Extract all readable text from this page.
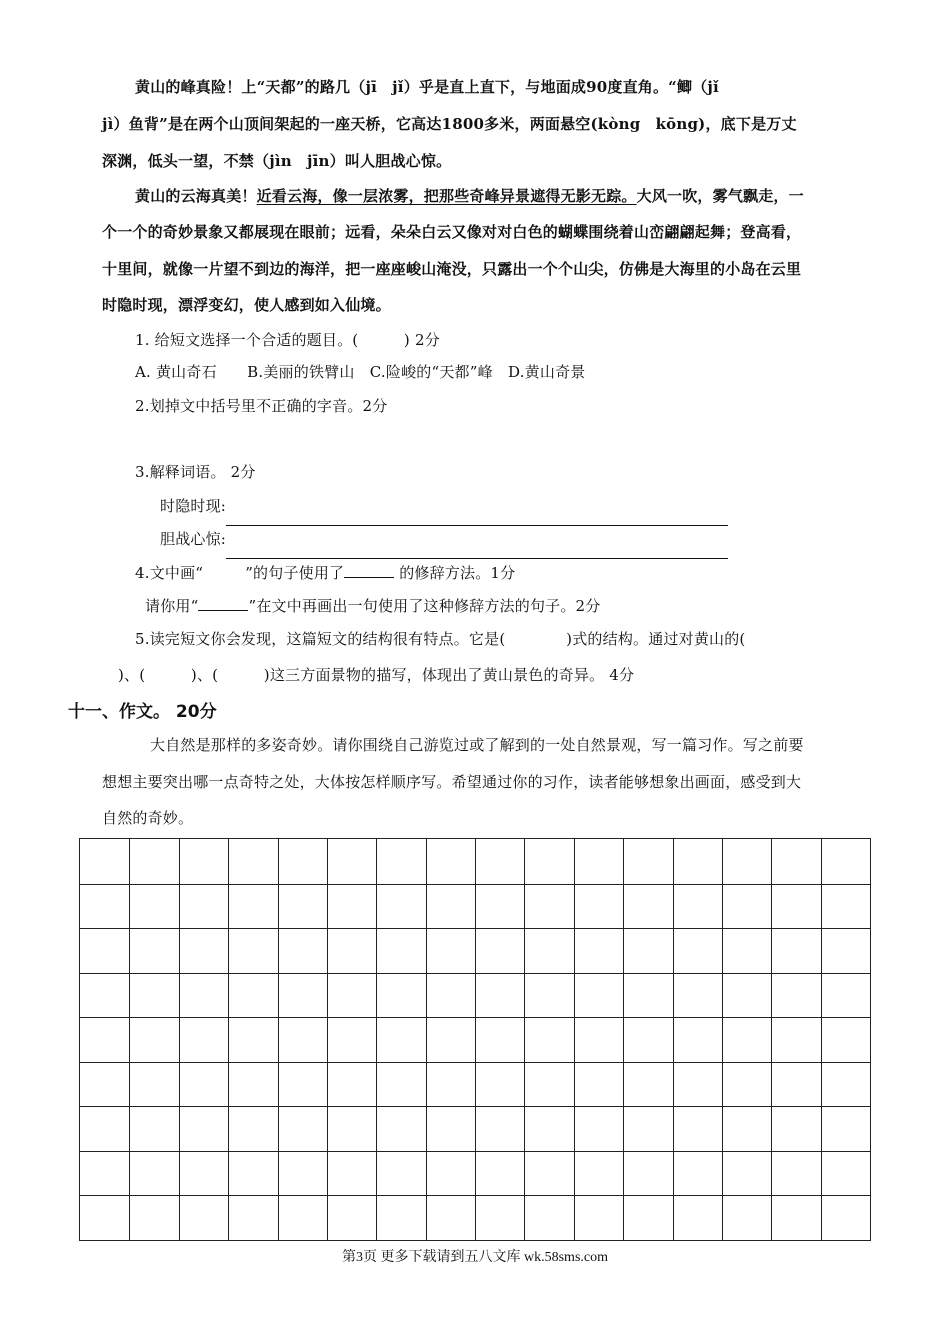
黄山的峰真险！上“天都”的路几（jī　jǐ）乎是直上直下，与地面成90度直角。“鲫（jǐ
jì）鱼背”是在两个山顶间架起的一座天桥，它高达1800多米，两面悬空(kòng　kōng)，底下是万丈
深渊，低头一望，不禁（jìn　jīn）叫人胆战心惊。
黄山的云海真美！近看云海，像一层浓雾，把那些奇峰异景遮得无影无踪。大风一吹，雾气飘走，一
个一个的奇妙景象又都展现在眼前；远看，朵朵白云又像对对白色的蝴蝶围绕着山峦翩翩起舞；登高看，
十里间，就像一片望不到边的海洋，把一座座峻山淹没，只露出一个个山尖，仿佛是大海里的小岛在云里
时隐时现，漂浮变幻，使人感到如入仙境。
1. 给短文选择一个合适的题目。(　　　) 2分
A. 黄山奇石　　B.美丽的铁臂山　C.险峻的“天都”峰　D.黄山奇景
2.划掉文中括号里不正确的字音。2分
3.解释词语。 2分
时隐时现:
胆战心惊:
4.文中画“	”的句子使用了	的修辞方法。1分
请你用“	”在文中再画出一句使用了这种修辞方法的句子。2分
5.读完短文你会发现，这篇短文的结构很有特点。它是(　　　　)式的结构。通过对黄山的(
)、(　　　)、(　　　)这三方面景物的描写，体现出了黄山景色的奇异。 4分
十一、作文。 20分
大自然是那样的多姿奇妙。请你围绕自己游览过或了解到的一处自然景观，写一篇习作。写之前要
想想主要突出哪一点奇特之处，大体按怎样顺序写。希望通过你的习作，读者能够想象出画面，感受到大
自然的奇妙。
第3页 更多下载请到五八文库 wk.58sms.com
